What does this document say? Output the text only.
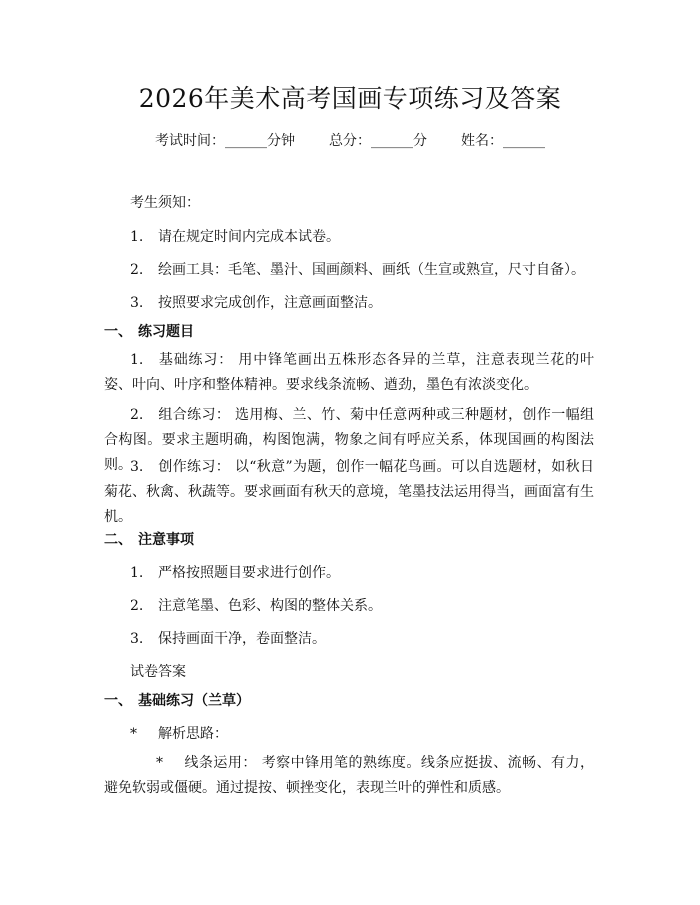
2026年美术高考国画专项练习及答案
考试时间：______分钟 总分：______分 姓名：______
考生须知：
1. 请在规定时间内完成本试卷。
2. 绘画工具：毛笔、墨汁、国画颜料、画纸（生宣或熟宣，尺寸自备）。
3. 按照要求完成创作，注意画面整洁。
一、 练习题目
1. 基础练习： 用中锋笔画出五株形态各异的兰草，注意表现兰花的叶姿、叶向、叶序和整体精神。要求线条流畅、遒劲，墨色有浓淡变化。
2. 组合练习： 选用梅、兰、竹、菊中任意两种或三种题材，创作一幅组合构图。要求主题明确，构图饱满，物象之间有呼应关系，体现国画的构图法则。
3. 创作练习： 以“秋意”为题，创作一幅花鸟画。可以自选题材，如秋日菊花、秋禽、秋蔬等。要求画面有秋天的意境，笔墨技法运用得当，画面富有生机。
二、 注意事项
1. 严格按照题目要求进行创作。
2. 注意笔墨、色彩、构图的整体关系。
3. 保持画面干净，卷面整洁。
试卷答案
一、 基础练习（兰草）
* 解析思路：
* 线条运用： 考察中锋用笔的熟练度。线条应挺拔、流畅、有力，避免软弱或僵硬。通过提按、顿挫变化，表现兰叶的弹性和质感。
